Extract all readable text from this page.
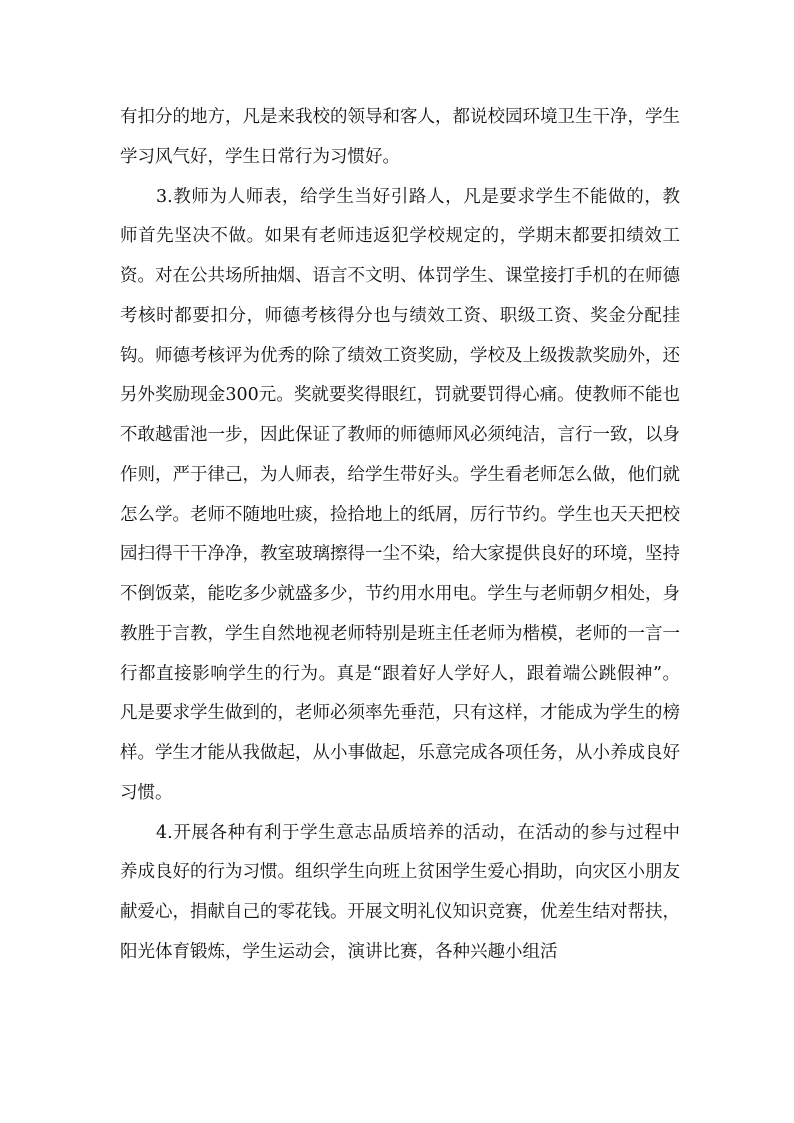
有扣分的地方，凡是来我校的领导和客人，都说校园环境卫生干净，学生学习风气好，学生日常行为习惯好。

3.教师为人师表，给学生当好引路人，凡是要求学生不能做的，教师首先坚决不做。如果有老师违返犯学校规定的，学期末都要扣绩效工资。对在公共场所抽烟、语言不文明、体罚学生、课堂接打手机的在师德考核时都要扣分，师德考核得分也与绩效工资、职级工资、奖金分配挂钩。师德考核评为优秀的除了绩效工资奖励，学校及上级拨款奖励外，还另外奖励现金300元。奖就要奖得眼红，罚就要罚得心痛。使教师不能也不敢越雷池一步，因此保证了教师的师德师风必须纯洁，言行一致，以身作则，严于律己，为人师表，给学生带好头。学生看老师怎么做，他们就怎么学。老师不随地吐痰，捡拾地上的纸屑，厉行节约。学生也天天把校园扫得干干净净，教室玻璃擦得一尘不染，给大家提供良好的环境，坚持不倒饭菜，能吃多少就盛多少，节约用水用电。学生与老师朝夕相处，身教胜于言教，学生自然地视老师特别是班主任老师为楷模，老师的一言一行都直接影响学生的行为。真是“跟着好人学好人，跟着端公跳假神”。凡是要求学生做到的，老师必须率先垂范，只有这样，才能成为学生的榜样。学生才能从我做起，从小事做起，乐意完成各项任务，从小养成良好习惯。

4.开展各种有利于学生意志品质培养的活动，在活动的参与过程中养成良好的行为习惯。组织学生向班上贫困学生爱心捐助，向灾区小朋友献爱心，捐献自己的零花钱。开展文明礼仪知识竞赛，优差生结对帮扶，阳光体育锻炼，学生运动会，演讲比赛，各种兴趣小组活
